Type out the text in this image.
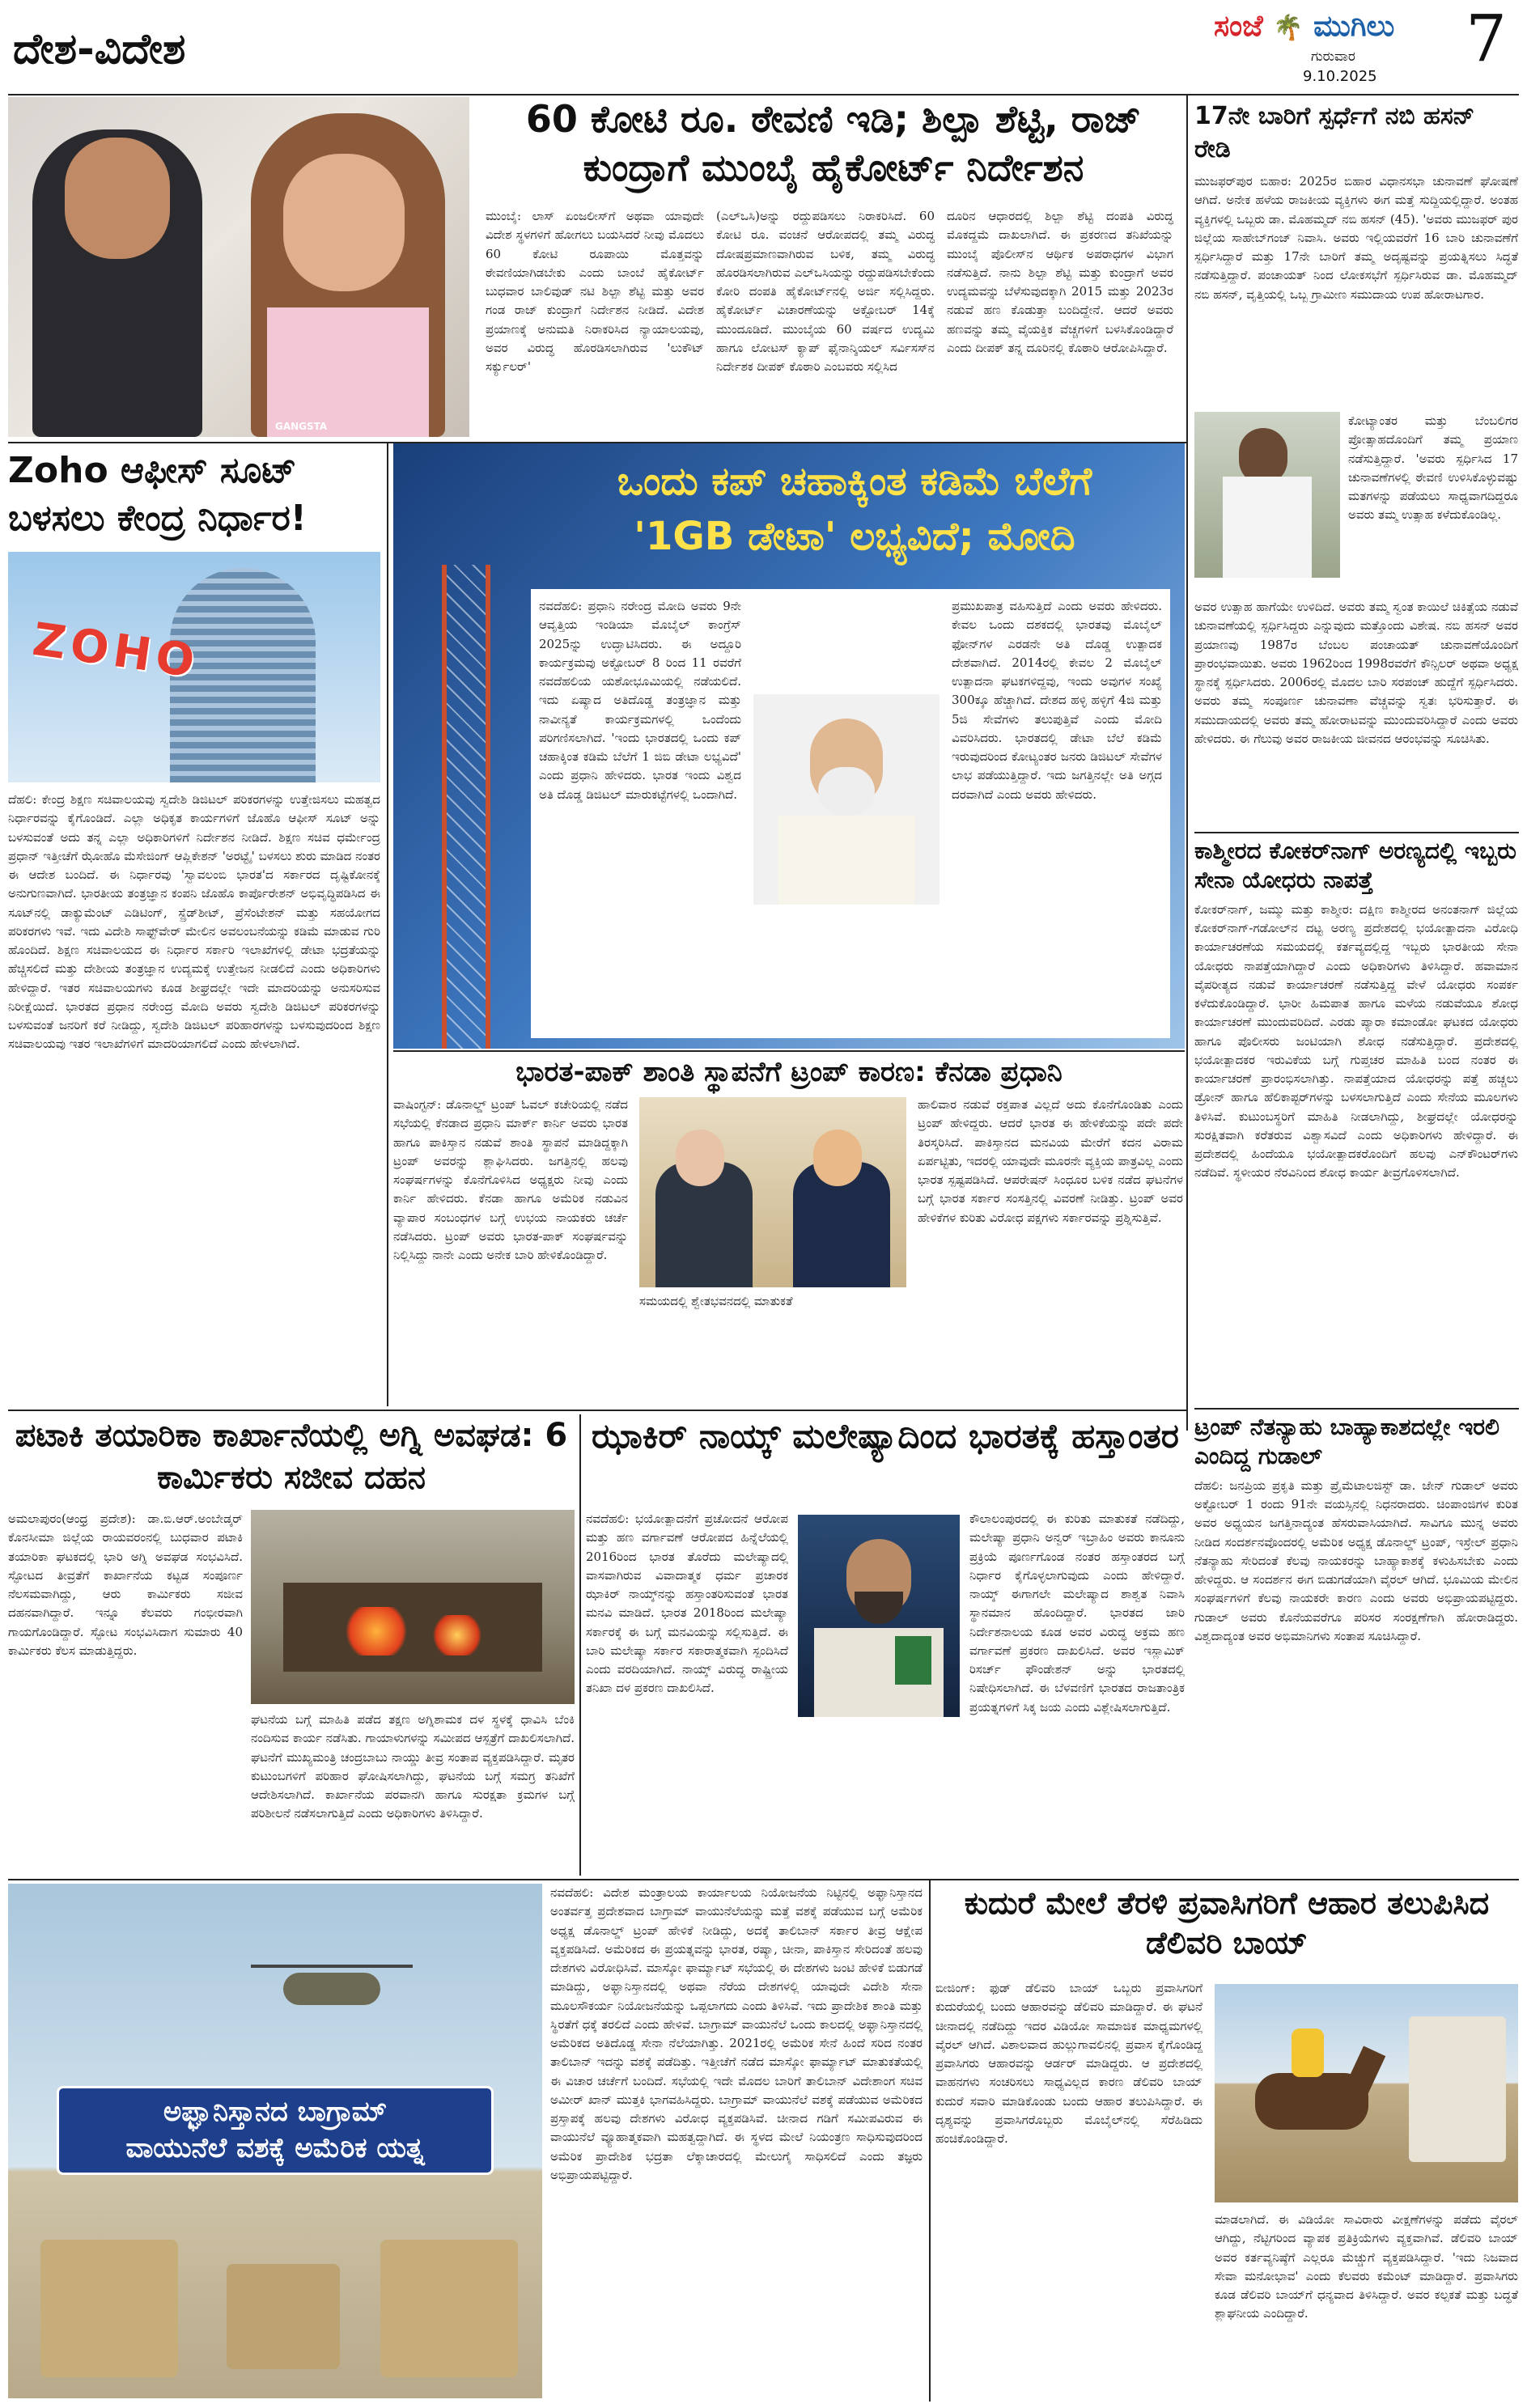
ದೇಶ-ವಿದೇಶ	ಸಂಜೆ 🌴 ಮುಗಿಲು
ಗುರುವಾರ
9.10.2025
7
GANGSTA
60 ಕೋಟಿ ರೂ. ಠೇವಣಿ ಇಡಿ; ಶಿಲ್ಪಾ ಶೆಟ್ಟಿ, ರಾಜ್ ಕುಂದ್ರಾಗೆ ಮುಂಬೈ ಹೈಕೋರ್ಟ್ ನಿರ್ದೇಶನ
ಮುಂಬೈ: ಲಾಸ್ ಏಂಜಲೀಸ್‌ಗೆ ಅಥವಾ ಯಾವುದೇ ವಿದೇಶ ಸ್ಥಳಗಳಿಗೆ ಹೋಗಲು ಬಯಸಿದರೆ ನೀವು ಮೊದಲು 60 ಕೋಟಿ ರೂಪಾಯಿ ಮೊತ್ತವನ್ನು ಠೇವಣಿಯಾಗಿಡಬೇಕು ಎಂದು ಬಾಂಬೆ ಹೈಕೋರ್ಟ್ ಬುಧವಾರ ಬಾಲಿವುಡ್ ನಟಿ ಶಿಲ್ಪಾ ಶೆಟ್ಟಿ ಮತ್ತು ಅವರ ಗಂಡ ರಾಜ್ ಕುಂದ್ರಾಗೆ ನಿರ್ದೇಶನ ನೀಡಿದೆ. ವಿದೇಶ ಪ್ರಯಾಣಕ್ಕೆ ಅನುಮತಿ ನಿರಾಕರಿಸಿದ ನ್ಯಾಯಾಲಯವು, ಅವರ ವಿರುದ್ಧ ಹೊರಡಿಸಲಾಗಿರುವ 'ಲುಕೌಟ್ ಸರ್ಕ್ಯುಲರ್'
(ಎಲ್‌ಒಸಿ)ಅನ್ನು ರದ್ದುಪಡಿಸಲು ನಿರಾಕರಿಸಿದೆ. 60 ಕೋಟಿ ರೂ. ವಂಚನೆ ಆರೋಪದಲ್ಲಿ ತಮ್ಮ ವಿರುದ್ಧ ದೋಷಪ್ರಮಾಣವಾಗಿರುವ ಬಳಿಕ, ತಮ್ಮ ವಿರುದ್ಧ ಹೊರಡಿಸಲಾಗಿರುವ ಎಲ್‌ಒಸಿಯನ್ನು ರದ್ದುಪಡಿಸಬೇಕೆಂದು ಕೋರಿ ದಂಪತಿ ಹೈಕೋರ್ಟ್‌ನಲ್ಲಿ ಅರ್ಜಿ ಸಲ್ಲಿಸಿದ್ದರು. ಹೈಕೋರ್ಟ್ ವಿಚಾರಣೆಯನ್ನು ಅಕ್ಟೋಬರ್ 14ಕ್ಕೆ ಮುಂದೂಡಿದೆ. ಮುಂಬೈಯ 60 ವರ್ಷದ ಉದ್ಯಮಿ ಹಾಗೂ ಲೋಟಸ್ ಕ್ಯಾಪ್ ಫೈನಾನ್ಶಿಯಲ್ ಸರ್ವಿಸಸ್‌ನ ನಿರ್ದೇಶಕ ದೀಪಕ್ ಕೊಠಾರಿ ಎಂಬವರು ಸಲ್ಲಿಸಿದ
ದೂರಿನ ಆಧಾರದಲ್ಲಿ ಶಿಲ್ಪಾ ಶೆಟ್ಟಿ ದಂಪತಿ ವಿರುದ್ಧ ಮೊಕದ್ದಮೆ ದಾಖಲಾಗಿದೆ. ಈ ಪ್ರಕರಣದ ತನಿಖೆಯನ್ನು ಮುಂಬೈ ಪೊಲೀಸ್‌ನ ಆರ್ಥಿಕ ಅಪರಾಧಗಳ ವಿಭಾಗ ನಡೆಸುತ್ತಿದೆ. ನಾನು ಶಿಲ್ಪಾ ಶೆಟ್ಟಿ ಮತ್ತು ಕುಂದ್ರಾಗೆ ಅವರ ಉದ್ಯಮವನ್ನು ಬೆಳೆಸುವುದಕ್ಕಾಗಿ 2015 ಮತ್ತು 2023ರ ನಡುವೆ ಹಣ ಕೊಡುತ್ತಾ ಬಂದಿದ್ದೇನೆ. ಆದರೆ ಅವರು ಹಣವನ್ನು ತಮ್ಮ ವೈಯಕ್ತಿಕ ವೆಚ್ಚಗಳಿಗೆ ಬಳಸಿಕೊಂಡಿದ್ದಾರೆ ಎಂದು ದೀಪಕ್ ತನ್ನ ದೂರಿನಲ್ಲಿ ಕೊಠಾರಿ ಆರೋಪಿಸಿದ್ದಾರೆ.
17ನೇ ಬಾರಿಗೆ ಸ್ಪರ್ಧೆಗೆ ನಬಿ ಹಸನ್ ರೇಡಿ
ಮುಜಫರ್‌ಪುರ ಬಿಹಾರ: 2025ರ ಬಿಹಾರ ವಿಧಾನಸಭಾ ಚುನಾವಣೆ ಘೋಷಣೆ ಆಗಿದೆ. ಅನೇಕ ಹಳೆಯ ರಾಜಕೀಯ ವ್ಯಕ್ತಿಗಳು ಈಗ ಮತ್ತೆ ಸುದ್ದಿಯಲ್ಲಿದ್ದಾರೆ. ಅಂತಹ ವ್ಯಕ್ತಿಗಳಲ್ಲಿ ಒಬ್ಬರು ಡಾ. ಮೊಹಮ್ಮದ್ ನಬಿ ಹಸನ್ (45). 'ಅವರು ಮುಜಫರ್ ಪುರ ಜಿಲ್ಲೆಯ ಸಾಹೇಬ್‌ಗಂಜ್ ನಿವಾಸಿ. ಅವರು ಇಲ್ಲಿಯವರೆಗೆ 16 ಬಾರಿ ಚುನಾವಣೆಗೆ ಸ್ಪರ್ಧಿಸಿದ್ದಾರೆ ಮತ್ತು 17ನೇ ಬಾರಿಗೆ ತಮ್ಮ ಅದೃಷ್ಟವನ್ನು ಪ್ರಯತ್ನಿಸಲು ಸಿದ್ಧತೆ ನಡೆಸುತ್ತಿದ್ದಾರೆ. ಪಂಚಾಯತ್ ನಿಂದ ಲೋಕಸಭೆಗೆ ಸ್ಪರ್ಧಿಸಿರುವ ಡಾ. ಮೊಹಮ್ಮದ್ ನಬಿ ಹಸನ್, ವೃತ್ತಿಯಲ್ಲಿ ಒಬ್ಬ ಗ್ರಾಮೀಣ ಸಮುದಾಯ ಉಪ ಹೋರಾಟಗಾರ.
ಕೋಟ್ಯಾಂತರ ಮತ್ತು ಬೆಂಬಲಿಗರ ಪ್ರೋತ್ಸಾಹದೊಂದಿಗೆ ತಮ್ಮ ಪ್ರಯಾಣ ನಡೆಸುತ್ತಿದ್ದಾರೆ. 'ಅವರು ಸ್ಪರ್ಧಿಸಿದ 17 ಚುನಾವಣೆಗಳಲ್ಲಿ ಠೇವಣಿ ಉಳಿಸಿಕೊಳ್ಳುವಷ್ಟು ಮತಗಳನ್ನು ಪಡೆಯಲು ಸಾಧ್ಯವಾಗದಿದ್ದರೂ ಅವರು ತಮ್ಮ ಉತ್ಸಾಹ ಕಳೆದುಕೊಂಡಿಲ್ಲ.
ಅವರ ಉತ್ಸಾಹ ಹಾಗೆಯೇ ಉಳಿದಿದೆ. ಅವರು ತಮ್ಮ ಸ್ವಂತ ಕಾಯಿಲೆ ಚಿಕಿತ್ಸೆಯ ನಡುವೆ ಚುನಾವಣೆಯಲ್ಲಿ ಸ್ಪರ್ಧಿಸಿದ್ದರು ಎನ್ನುವುದು ಮತ್ತೊಂದು ವಿಶೇಷ. ನಬಿ ಹಸನ್ ಅವರ ಪ್ರಯಾಣವು 1987ರ ಬೆಂಬಲ ಪಂಚಾಯತ್ ಚುನಾವಣೆಯೊಂದಿಗೆ ಪ್ರಾರಂಭವಾಯಿತು. ಅವರು 1962ರಿಂದ 1998ರವರೆಗೆ ಕೌನ್ಸಿಲರ್ ಅಥವಾ ಅಧ್ಯಕ್ಷ ಸ್ಥಾನಕ್ಕೆ ಸ್ಪರ್ಧಿಸಿದರು. 2006ರಲ್ಲಿ ಮೊದಲ ಬಾರಿ ಸರಪಂಚ್ ಹುದ್ದೆಗೆ ಸ್ಪರ್ಧಿಸಿದರು. ಅವರು ತಮ್ಮ ಸಂಪೂರ್ಣ ಚುನಾವಣಾ ವೆಚ್ಚವನ್ನು ಸ್ವತಃ ಭರಿಸುತ್ತಾರೆ. ಈ ಸಮುದಾಯದಲ್ಲಿ ಅವರು ತಮ್ಮ ಹೋರಾಟವನ್ನು ಮುಂದುವರಿಸಿದ್ದಾರೆ ಎಂದು ಅವರು ಹೇಳಿದರು. ಈ ಗೆಲುವು ಅವರ ರಾಜಕೀಯ ಜೀವನದ ಆರಂಭವನ್ನು ಸೂಚಿಸಿತು.
Zoho ಆಫೀಸ್ ಸೂಟ್ ಬಳಸಲು ಕೇಂದ್ರ ನಿರ್ಧಾರ!
ZOHO
ದೆಹಲಿ: ಕೇಂದ್ರ ಶಿಕ್ಷಣ ಸಚಿವಾಲಯವು ಸ್ವದೇಶಿ ಡಿಜಿಟಲ್ ಪರಿಕರಗಳನ್ನು ಉತ್ತೇಜಿಸಲು ಮಹತ್ವದ ನಿರ್ಧಾರವನ್ನು ಕೈಗೊಂಡಿದೆ. ಎಲ್ಲಾ ಅಧಿಕೃತ ಕಾರ್ಯಗಳಿಗೆ ಜೊಹೊ ಆಫೀಸ್ ಸೂಟ್ ಅನ್ನು ಬಳಸುವಂತೆ ಅದು ತನ್ನ ಎಲ್ಲಾ ಅಧಿಕಾರಿಗಳಿಗೆ ನಿರ್ದೇಶನ ನೀಡಿದೆ. ಶಿಕ್ಷಣ ಸಚಿವ ಧರ್ಮೇಂದ್ರ ಪ್ರಧಾನ್ ಇತ್ತೀಚೆಗೆ ಝೋಹೊ ಮೆಸೇಜಿಂಗ್ ಆಪ್ಲಿಕೇಶನ್ 'ಅರಟ್ಟೈ' ಬಳಸಲು ಶುರು ಮಾಡಿದ ನಂತರ ಈ ಆದೇಶ ಬಂದಿದೆ. ಈ ನಿರ್ಧಾರವು 'ಸ್ವಾವಲಂಬಿ ಭಾರತ'ದ ಸರ್ಕಾರದ ದೃಷ್ಟಿಕೋನಕ್ಕೆ ಅನುಗುಣವಾಗಿದೆ. ಭಾರತೀಯ ತಂತ್ರಜ್ಞಾನ ಕಂಪನಿ ಜೊಹೊ ಕಾರ್ಪೊರೇಶನ್ ಅಭಿವೃದ್ಧಿಪಡಿಸಿದ ಈ ಸೂಟ್‌ನಲ್ಲಿ ಡಾಕ್ಯುಮೆಂಟ್ ಎಡಿಟಿಂಗ್, ಸ್ಪ್ರೆಡ್‌ಶೀಟ್, ಪ್ರೆಸೆಂಟೇಶನ್ ಮತ್ತು ಸಹಯೋಗದ ಪರಿಕರಗಳು ಇವೆ. ಇದು ವಿದೇಶಿ ಸಾಫ್ಟ್‌ವೇರ್ ಮೇಲಿನ ಅವಲಂಬನೆಯನ್ನು ಕಡಿಮೆ ಮಾಡುವ ಗುರಿ ಹೊಂದಿದೆ. ಶಿಕ್ಷಣ ಸಚಿವಾಲಯದ ಈ ನಿರ್ಧಾರ ಸರ್ಕಾರಿ ಇಲಾಖೆಗಳಲ್ಲಿ ಡೇಟಾ ಭದ್ರತೆಯನ್ನು ಹೆಚ್ಚಿಸಲಿದೆ ಮತ್ತು ದೇಶೀಯ ತಂತ್ರಜ್ಞಾನ ಉದ್ಯಮಕ್ಕೆ ಉತ್ತೇಜನ ನೀಡಲಿದೆ ಎಂದು ಅಧಿಕಾರಿಗಳು ಹೇಳಿದ್ದಾರೆ. ಇತರ ಸಚಿವಾಲಯಗಳು ಕೂಡ ಶೀಘ್ರದಲ್ಲೇ ಇದೇ ಮಾದರಿಯನ್ನು ಅನುಸರಿಸುವ ನಿರೀಕ್ಷೆಯಿದೆ. ಭಾರತದ ಪ್ರಧಾನ ನರೇಂದ್ರ ಮೋದಿ ಅವರು ಸ್ವದೇಶಿ ಡಿಜಿಟಲ್ ಪರಿಕರಗಳನ್ನು ಬಳಸುವಂತೆ ಜನರಿಗೆ ಕರೆ ನೀಡಿದ್ದು, ಸ್ವದೇಶಿ ಡಿಜಿಟಲ್ ಪರಿಹಾರಗಳನ್ನು ಬಳಸುವುದರಿಂದ ಶಿಕ್ಷಣ ಸಚಿವಾಲಯವು ಇತರ ಇಲಾಖೆಗಳಿಗೆ ಮಾದರಿಯಾಗಲಿದೆ ಎಂದು ಹೇಳಲಾಗಿದೆ.
ಒಂದು ಕಪ್ ಚಹಾಕ್ಕಿಂತ ಕಡಿಮೆ ಬೆಲೆಗೆ
'1GB ಡೇಟಾ' ಲಭ್ಯವಿದೆ; ಮೋದಿ
ನವದೆಹಲಿ: ಪ್ರಧಾನಿ ನರೇಂದ್ರ ಮೋದಿ ಅವರು 9ನೇ ಆವೃತ್ತಿಯ ಇಂಡಿಯಾ ಮೊಬೈಲ್ ಕಾಂಗ್ರೆಸ್ 2025ನ್ನು ಉದ್ಘಾಟಿಸಿದರು. ಈ ಅದ್ದೂರಿ ಕಾರ್ಯಕ್ರಮವು ಅಕ್ಟೋಬರ್ 8 ರಿಂದ 11 ರವರೆಗೆ ನವದೆಹಲಿಯ ಯಶೋಭೂಮಿಯಲ್ಲಿ ನಡೆಯಲಿದೆ. ಇದು ಏಷ್ಯಾದ ಅತಿದೊಡ್ಡ ತಂತ್ರಜ್ಞಾನ ಮತ್ತು ನಾವೀನ್ಯತೆ ಕಾರ್ಯಕ್ರಮಗಳಲ್ಲಿ ಒಂದೆಂದು ಪರಿಗಣಿಸಲಾಗಿದೆ. 'ಇಂದು ಭಾರತದಲ್ಲಿ ಒಂದು ಕಪ್ ಚಹಾಕ್ಕಿಂತ ಕಡಿಮೆ ಬೆಲೆಗೆ 1 ಜಿಬಿ ಡೇಟಾ ಲಭ್ಯವಿದೆ' ಎಂದು ಪ್ರಧಾನಿ ಹೇಳಿದರು. ಭಾರತ ಇಂದು ವಿಶ್ವದ ಅತಿ ದೊಡ್ಡ ಡಿಜಿಟಲ್ ಮಾರುಕಟ್ಟೆಗಳಲ್ಲಿ ಒಂದಾಗಿದೆ.
ಪ್ರಮುಖಪಾತ್ರ ವಹಿಸುತ್ತಿದೆ ಎಂದು ಅವರು ಹೇಳಿದರು. ಕೇವಲ ಒಂದು ದಶಕದಲ್ಲಿ ಭಾರತವು ಮೊಬೈಲ್ ಫೋನ್‌ಗಳ ಎರಡನೇ ಅತಿ ದೊಡ್ಡ ಉತ್ಪಾದಕ ದೇಶವಾಗಿದೆ. 2014ರಲ್ಲಿ ಕೇವಲ 2 ಮೊಬೈಲ್ ಉತ್ಪಾದನಾ ಘಟಕಗಳಿದ್ದವು, ಇಂದು ಅವುಗಳ ಸಂಖ್ಯೆ 300ಕ್ಕೂ ಹೆಚ್ಚಾಗಿದೆ. ದೇಶದ ಹಳ್ಳಿ ಹಳ್ಳಿಗೆ 4ಜಿ ಮತ್ತು 5ಜಿ ಸೇವೆಗಳು ತಲುಪುತ್ತಿವೆ ಎಂದು ಮೋದಿ ವಿವರಿಸಿದರು. ಭಾರತದಲ್ಲಿ ಡೇಟಾ ಬೆಲೆ ಕಡಿಮೆ ಇರುವುದರಿಂದ ಕೋಟ್ಯಂತರ ಜನರು ಡಿಜಿಟಲ್ ಸೇವೆಗಳ ಲಾಭ ಪಡೆಯುತ್ತಿದ್ದಾರೆ. ಇದು ಜಗತ್ತಿನಲ್ಲೇ ಅತಿ ಅಗ್ಗದ ದರವಾಗಿದೆ ಎಂದು ಅವರು ಹೇಳಿದರು.
ಭಾರತ-ಪಾಕ್ ಶಾಂತಿ ಸ್ಥಾಪನೆಗೆ ಟ್ರಂಪ್ ಕಾರಣ: ಕೆನಡಾ ಪ್ರಧಾನಿ
ವಾಷಿಂಗ್ಟನ್: ಡೊನಾಲ್ಡ್ ಟ್ರಂಪ್ ಓವಲ್ ಕಚೇರಿಯಲ್ಲಿ ನಡೆದ ಸಭೆಯಲ್ಲಿ ಕೆನಡಾದ ಪ್ರಧಾನಿ ಮಾರ್ಕ್ ಕಾರ್ನಿ ಅವರು ಭಾರತ ಹಾಗೂ ಪಾಕಿಸ್ತಾನ ನಡುವೆ ಶಾಂತಿ ಸ್ಥಾಪನೆ ಮಾಡಿದ್ದಕ್ಕಾಗಿ ಟ್ರಂಪ್ ಅವರನ್ನು ಶ್ಲಾಘಿಸಿದರು. ಜಗತ್ತಿನಲ್ಲಿ ಹಲವು ಸಂಘರ್ಷಗಳನ್ನು ಕೊನೆಗೊಳಿಸಿದ ಅಧ್ಯಕ್ಷರು ನೀವು ಎಂದು ಕಾರ್ನಿ ಹೇಳಿದರು. ಕೆನಡಾ ಹಾಗೂ ಅಮೆರಿಕ ನಡುವಿನ ವ್ಯಾಪಾರ ಸಂಬಂಧಗಳ ಬಗ್ಗೆ ಉಭಯ ನಾಯಕರು ಚರ್ಚೆ ನಡೆಸಿದರು. ಟ್ರಂಪ್ ಅವರು ಭಾರತ-ಪಾಕ್ ಸಂಘರ್ಷವನ್ನು ನಿಲ್ಲಿಸಿದ್ದು ನಾನೇ ಎಂದು ಅನೇಕ ಬಾರಿ ಹೇಳಿಕೊಂಡಿದ್ದಾರೆ.
ಸಮಯದಲ್ಲಿ ಶ್ವೇತಭವನದಲ್ಲಿ ಮಾತುಕತೆ
ಹಾಲಿವಾರ ನಡುವೆ ರಕ್ತಪಾತ ವಿಲ್ಲದೆ ಅದು ಕೊನೆಗೊಂಡಿತು ಎಂದು ಟ್ರಂಪ್ ಹೇಳಿದ್ದರು. ಆದರೆ ಭಾರತ ಈ ಹೇಳಿಕೆಯನ್ನು ಪದೇ ಪದೇ ತಿರಸ್ಕರಿಸಿದೆ. ಪಾಕಿಸ್ತಾನದ ಮನವಿಯ ಮೇರೆಗೆ ಕದನ ವಿರಾಮ ಏರ್ಪಟ್ಟಿತು, ಇದರಲ್ಲಿ ಯಾವುದೇ ಮೂರನೇ ವ್ಯಕ್ತಿಯ ಪಾತ್ರವಿಲ್ಲ ಎಂದು ಭಾರತ ಸ್ಪಷ್ಟಪಡಿಸಿದೆ. ಆಪರೇಷನ್ ಸಿಂಧೂರ ಬಳಿಕ ನಡೆದ ಘಟನೆಗಳ ಬಗ್ಗೆ ಭಾರತ ಸರ್ಕಾರ ಸಂಸತ್ತಿನಲ್ಲಿ ವಿವರಣೆ ನೀಡಿತ್ತು. ಟ್ರಂಪ್ ಅವರ ಹೇಳಿಕೆಗಳ ಕುರಿತು ವಿರೋಧ ಪಕ್ಷಗಳು ಸರ್ಕಾರವನ್ನು ಪ್ರಶ್ನಿಸುತ್ತಿವೆ.
ಕಾಶ್ಮೀರದ ಕೋಕರ್‌ನಾಗ್ ಅರಣ್ಯದಲ್ಲಿ ಇಬ್ಬರು ಸೇನಾ ಯೋಧರು ನಾಪತ್ತೆ
ಕೋಕರ್‌ನಾಗ್, ಜಮ್ಮು ಮತ್ತು ಕಾಶ್ಮೀರ: ದಕ್ಷಿಣ ಕಾಶ್ಮೀರದ ಅನಂತನಾಗ್ ಜಿಲ್ಲೆಯ ಕೋಕರ್‌ನಾಗ್-ಗಡೋಲ್‌ನ ದಟ್ಟ ಅರಣ್ಯ ಪ್ರದೇಶದಲ್ಲಿ ಭಯೋತ್ಪಾದನಾ ವಿರೋಧಿ ಕಾರ್ಯಾಚರಣೆಯ ಸಮಯದಲ್ಲಿ ಕರ್ತವ್ಯದಲ್ಲಿದ್ದ ಇಬ್ಬರು ಭಾರತೀಯ ಸೇನಾ ಯೋಧರು ನಾಪತ್ತೆಯಾಗಿದ್ದಾರೆ ಎಂದು ಅಧಿಕಾರಿಗಳು ತಿಳಿಸಿದ್ದಾರೆ. ಹವಾಮಾನ ವೈಪರೀತ್ಯದ ನಡುವೆ ಕಾರ್ಯಾಚರಣೆ ನಡೆಸುತ್ತಿದ್ದ ವೇಳೆ ಯೋಧರು ಸಂಪರ್ಕ ಕಳೆದುಕೊಂಡಿದ್ದಾರೆ. ಭಾರೀ ಹಿಮಪಾತ ಹಾಗೂ ಮಳೆಯ ನಡುವೆಯೂ ಶೋಧ ಕಾರ್ಯಾಚರಣೆ ಮುಂದುವರಿದಿದೆ. ಎರಡು ಪ್ಯಾರಾ ಕಮಾಂಡೋ ಘಟಕದ ಯೋಧರು ಹಾಗೂ ಪೊಲೀಸರು ಜಂಟಿಯಾಗಿ ಶೋಧ ನಡೆಸುತ್ತಿದ್ದಾರೆ. ಪ್ರದೇಶದಲ್ಲಿ ಭಯೋತ್ಪಾದಕರ ಇರುವಿಕೆಯ ಬಗ್ಗೆ ಗುಪ್ತಚರ ಮಾಹಿತಿ ಬಂದ ನಂತರ ಈ ಕಾರ್ಯಾಚರಣೆ ಪ್ರಾರಂಭಿಸಲಾಗಿತ್ತು. ನಾಪತ್ತೆಯಾದ ಯೋಧರನ್ನು ಪತ್ತೆ ಹಚ್ಚಲು ಡ್ರೋನ್ ಹಾಗೂ ಹೆಲಿಕಾಪ್ಟರ್‌ಗಳನ್ನು ಬಳಸಲಾಗುತ್ತಿದೆ ಎಂದು ಸೇನೆಯ ಮೂಲಗಳು ತಿಳಿಸಿವೆ. ಕುಟುಂಬಸ್ಥರಿಗೆ ಮಾಹಿತಿ ನೀಡಲಾಗಿದ್ದು, ಶೀಘ್ರದಲ್ಲೇ ಯೋಧರನ್ನು ಸುರಕ್ಷಿತವಾಗಿ ಕರೆತರುವ ವಿಶ್ವಾಸವಿದೆ ಎಂದು ಅಧಿಕಾರಿಗಳು ಹೇಳಿದ್ದಾರೆ. ಈ ಪ್ರದೇಶದಲ್ಲಿ ಹಿಂದೆಯೂ ಭಯೋತ್ಪಾದಕರೊಂದಿಗೆ ಹಲವು ಎನ್‌ಕೌಂಟರ್‌ಗಳು ನಡೆದಿವೆ. ಸ್ಥಳೀಯರ ನೆರವಿನಿಂದ ಶೋಧ ಕಾರ್ಯ ತೀವ್ರಗೊಳಿಸಲಾಗಿದೆ.
ಟ್ರಂಪ್ ನೆತನ್ಯಾಹು ಬಾಹ್ಯಾಕಾಶದಲ್ಲೇ ಇರಲಿ ಎಂದಿದ್ದ ಗುಡಾಲ್
ದೆಹಲಿ: ಜನಪ್ರಿಯ ಪ್ರಕೃತಿ ಮತ್ತು ಪ್ರೈಮೆಟಾಲಜಿಸ್ಟ್ ಡಾ. ಜೇನ್ ಗುಡಾಲ್ ಅವರು ಅಕ್ಟೋಬರ್ 1 ರಂದು 91ನೇ ವಯಸ್ಸಿನಲ್ಲಿ ನಿಧನರಾದರು. ಚಿಂಪಾಂಜಿಗಳ ಕುರಿತ ಅವರ ಅಧ್ಯಯನ ಜಗತ್ತಿನಾದ್ಯಂತ ಹೆಸರುವಾಸಿಯಾಗಿದೆ. ಸಾವಿಗೂ ಮುನ್ನ ಅವರು ನೀಡಿದ ಸಂದರ್ಶನವೊಂದರಲ್ಲಿ ಅಮೆರಿಕ ಅಧ್ಯಕ್ಷ ಡೊನಾಲ್ಡ್ ಟ್ರಂಪ್, ಇಸ್ರೇಲ್ ಪ್ರಧಾನಿ ನೆತನ್ಯಾಹು ಸೇರಿದಂತೆ ಕೆಲವು ನಾಯಕರನ್ನು ಬಾಹ್ಯಾಕಾಶಕ್ಕೆ ಕಳುಹಿಸಬೇಕು ಎಂದು ಹೇಳಿದ್ದರು. ಆ ಸಂದರ್ಶನ ಈಗ ಬಿಡುಗಡೆಯಾಗಿ ವೈರಲ್ ಆಗಿದೆ. ಭೂಮಿಯ ಮೇಲಿನ ಸಂಘರ್ಷಗಳಿಗೆ ಕೆಲವು ನಾಯಕರೇ ಕಾರಣ ಎಂದು ಅವರು ಅಭಿಪ್ರಾಯಪಟ್ಟಿದ್ದರು. ಗುಡಾಲ್ ಅವರು ಕೊನೆಯವರೆಗೂ ಪರಿಸರ ಸಂರಕ್ಷಣೆಗಾಗಿ ಹೋರಾಡಿದ್ದರು. ವಿಶ್ವದಾದ್ಯಂತ ಅವರ ಅಭಿಮಾನಿಗಳು ಸಂತಾಪ ಸೂಚಿಸಿದ್ದಾರೆ.
ಪಟಾಕಿ ತಯಾರಿಕಾ ಕಾರ್ಖಾನೆಯಲ್ಲಿ ಅಗ್ನಿ ಅವಘಡ: 6 ಕಾರ್ಮಿಕರು ಸಜೀವ ದಹನ
ಅಮಲಾಪುರಂ(ಆಂಧ್ರ ಪ್ರದೇಶ): ಡಾ.ಬಿ.ಆರ್.ಅಂಬೇಡ್ಕರ್ ಕೊನಸೀಮಾ ಜಿಲ್ಲೆಯ ರಾಯವರಂನಲ್ಲಿ ಬುಧವಾರ ಪಟಾಕಿ ತಯಾರಿಕಾ ಘಟಕದಲ್ಲಿ ಭಾರಿ ಅಗ್ನಿ ಅವಘಡ ಸಂಭವಿಸಿದೆ. ಸ್ಫೋಟದ ತೀವ್ರತೆಗೆ ಕಾರ್ಖಾನೆಯ ಕಟ್ಟಡ ಸಂಪೂರ್ಣ ನೆಲಸಮವಾಗಿದ್ದು, ಆರು ಕಾರ್ಮಿಕರು ಸಜೀವ ದಹನವಾಗಿದ್ದಾರೆ. ಇನ್ನೂ ಕೆಲವರು ಗಂಭೀರವಾಗಿ ಗಾಯಗೊಂಡಿದ್ದಾರೆ. ಸ್ಫೋಟ ಸಂಭವಿಸಿದಾಗ ಸುಮಾರು 40 ಕಾರ್ಮಿಕರು ಕೆಲಸ ಮಾಡುತ್ತಿದ್ದರು.
ಘಟನೆಯ ಬಗ್ಗೆ ಮಾಹಿತಿ ಪಡೆದ ತಕ್ಷಣ ಅಗ್ನಿಶಾಮಕ ದಳ ಸ್ಥಳಕ್ಕೆ ಧಾವಿಸಿ ಬೆಂಕಿ ನಂದಿಸುವ ಕಾರ್ಯ ನಡೆಸಿತು. ಗಾಯಾಳುಗಳನ್ನು ಸಮೀಪದ ಆಸ್ಪತ್ರೆಗೆ ದಾಖಲಿಸಲಾಗಿದೆ. ಘಟನೆಗೆ ಮುಖ್ಯಮಂತ್ರಿ ಚಂದ್ರಬಾಬು ನಾಯ್ಡು ತೀವ್ರ ಸಂತಾಪ ವ್ಯಕ್ತಪಡಿಸಿದ್ದಾರೆ. ಮೃತರ ಕುಟುಂಬಗಳಿಗೆ ಪರಿಹಾರ ಘೋಷಿಸಲಾಗಿದ್ದು, ಘಟನೆಯ ಬಗ್ಗೆ ಸಮಗ್ರ ತನಿಖೆಗೆ ಆದೇಶಿಸಲಾಗಿದೆ. ಕಾರ್ಖಾನೆಯ ಪರವಾನಗಿ ಹಾಗೂ ಸುರಕ್ಷತಾ ಕ್ರಮಗಳ ಬಗ್ಗೆ ಪರಿಶೀಲನೆ ನಡೆಸಲಾಗುತ್ತಿದೆ ಎಂದು ಅಧಿಕಾರಿಗಳು ತಿಳಿಸಿದ್ದಾರೆ.
ಝಾಕಿರ್ ನಾಯ್ಕ್ ಮಲೇಷ್ಯಾದಿಂದ ಭಾರತಕ್ಕೆ ಹಸ್ತಾಂತರ
ನವದೆಹಲಿ: ಭಯೋತ್ಪಾದನೆಗೆ ಪ್ರಚೋದನೆ ಆರೋಪ ಮತ್ತು ಹಣ ವರ್ಗಾವಣೆ ಆರೋಪದ ಹಿನ್ನೆಲೆಯಲ್ಲಿ 2016ರಿಂದ ಭಾರತ ತೊರೆದು ಮಲೇಷ್ಯಾದಲ್ಲಿ ವಾಸವಾಗಿರುವ ವಿವಾದಾತ್ಮಕ ಧರ್ಮ ಪ್ರಚಾರಕ ಝಾಕಿರ್ ನಾಯ್ಕ್‌ನನ್ನು ಹಸ್ತಾಂತರಿಸುವಂತೆ ಭಾರತ ಮನವಿ ಮಾಡಿದೆ. ಭಾರತ 2018ರಿಂದ ಮಲೇಷ್ಯಾ ಸರ್ಕಾರಕ್ಕೆ ಈ ಬಗ್ಗೆ ಮನವಿಯನ್ನು ಸಲ್ಲಿಸುತ್ತಿದೆ. ಈ ಬಾರಿ ಮಲೇಷ್ಯಾ ಸರ್ಕಾರ ಸಕಾರಾತ್ಮಕವಾಗಿ ಸ್ಪಂದಿಸಿದೆ ಎಂದು ವರದಿಯಾಗಿದೆ. ನಾಯ್ಕ್ ವಿರುದ್ಧ ರಾಷ್ಟ್ರೀಯ ತನಿಖಾ ದಳ ಪ್ರಕರಣ ದಾಖಲಿಸಿದೆ.
ಕೌಲಾಲಂಪುರದಲ್ಲಿ ಈ ಕುರಿತು ಮಾತುಕತೆ ನಡೆದಿದ್ದು, ಮಲೇಷ್ಯಾ ಪ್ರಧಾನಿ ಅನ್ವರ್ ಇಬ್ರಾಹಿಂ ಅವರು ಕಾನೂನು ಪ್ರಕ್ರಿಯೆ ಪೂರ್ಣಗೊಂಡ ನಂತರ ಹಸ್ತಾಂತರದ ಬಗ್ಗೆ ನಿರ್ಧಾರ ಕೈಗೊಳ್ಳಲಾಗುವುದು ಎಂದು ಹೇಳಿದ್ದಾರೆ. ನಾಯ್ಕ್ ಈಗಾಗಲೇ ಮಲೇಷ್ಯಾದ ಶಾಶ್ವತ ನಿವಾಸಿ ಸ್ಥಾನಮಾನ ಹೊಂದಿದ್ದಾರೆ. ಭಾರತದ ಜಾರಿ ನಿರ್ದೇಶನಾಲಯ ಕೂಡ ಅವರ ವಿರುದ್ಧ ಅಕ್ರಮ ಹಣ ವರ್ಗಾವಣೆ ಪ್ರಕರಣ ದಾಖಲಿಸಿದೆ. ಅವರ ಇಸ್ಲಾಮಿಕ್ ರಿಸರ್ಚ್ ಫೌಂಡೇಶನ್ ಅನ್ನು ಭಾರತದಲ್ಲಿ ನಿಷೇಧಿಸಲಾಗಿದೆ. ಈ ಬೆಳವಣಿಗೆ ಭಾರತದ ರಾಜತಾಂತ್ರಿಕ ಪ್ರಯತ್ನಗಳಿಗೆ ಸಿಕ್ಕ ಜಯ ಎಂದು ವಿಶ್ಲೇಷಿಸಲಾಗುತ್ತಿದೆ.
ಅಫ್ಘಾನಿಸ್ತಾನದ ಬಾಗ್ರಾಮ್
ವಾಯುನೆಲೆ ವಶಕ್ಕೆ ಅಮೆರಿಕ ಯತ್ನ
ನವದೆಹಲಿ: ವಿದೇಶ ಮಂತ್ರಾಲಯ ಕಾರ್ಯಾಲಯ ನಿಯೋಜನೆಯ ನಿಟ್ಟಿನಲ್ಲಿ ಅಫ್ಘಾನಿಸ್ತಾನದ ಅಂತರ್ವತ್ತ ಪ್ರದೇಶವಾದ ಬಾಗ್ರಾಮ್ ವಾಯುನೆಲೆಯನ್ನು ಮತ್ತೆ ವಶಕ್ಕೆ ಪಡೆಯುವ ಬಗ್ಗೆ ಅಮೆರಿಕ ಅಧ್ಯಕ್ಷ ಡೊನಾಲ್ಡ್ ಟ್ರಂಪ್ ಹೇಳಿಕೆ ನೀಡಿದ್ದು, ಅದಕ್ಕೆ ತಾಲಿಬಾನ್ ಸರ್ಕಾರ ತೀವ್ರ ಆಕ್ಷೇಪ ವ್ಯಕ್ತಪಡಿಸಿದೆ. ಅಮೆರಿಕದ ಈ ಪ್ರಯತ್ನವನ್ನು ಭಾರತ, ರಷ್ಯಾ, ಚೀನಾ, ಪಾಕಿಸ್ತಾನ ಸೇರಿದಂತೆ ಹಲವು ದೇಶಗಳು ವಿರೋಧಿಸಿವೆ. ಮಾಸ್ಕೋ ಫಾರ್ಮ್ಯಾಟ್ ಸಭೆಯಲ್ಲಿ ಈ ದೇಶಗಳು ಜಂಟಿ ಹೇಳಿಕೆ ಬಿಡುಗಡೆ ಮಾಡಿದ್ದು, ಅಫ್ಘಾನಿಸ್ತಾನದಲ್ಲಿ ಅಥವಾ ನೆರೆಯ ದೇಶಗಳಲ್ಲಿ ಯಾವುದೇ ವಿದೇಶಿ ಸೇನಾ ಮೂಲಸೌಕರ್ಯ ನಿಯೋಜನೆಯನ್ನು ಒಪ್ಪಲಾಗದು ಎಂದು ತಿಳಿಸಿವೆ. ಇದು ಪ್ರಾದೇಶಿಕ ಶಾಂತಿ ಮತ್ತು ಸ್ಥಿರತೆಗೆ ಧಕ್ಕೆ ತರಲಿದೆ ಎಂದು ಹೇಳಿವೆ. ಬಾಗ್ರಾಮ್ ವಾಯುನೆಲೆ ಒಂದು ಕಾಲದಲ್ಲಿ ಅಫ್ಘಾನಿಸ್ತಾನದಲ್ಲಿ ಅಮೆರಿಕದ ಅತಿದೊಡ್ಡ ಸೇನಾ ನೆಲೆಯಾಗಿತ್ತು. 2021ರಲ್ಲಿ ಅಮೆರಿಕ ಸೇನೆ ಹಿಂದೆ ಸರಿದ ನಂತರ ತಾಲಿಬಾನ್ ಇದನ್ನು ವಶಕ್ಕೆ ಪಡೆದಿತ್ತು. ಇತ್ತೀಚೆಗೆ ನಡೆದ ಮಾಸ್ಕೋ ಫಾರ್ಮ್ಯಾಟ್ ಮಾತುಕತೆಯಲ್ಲಿ ಈ ವಿಚಾರ ಚರ್ಚೆಗೆ ಬಂದಿದೆ. ಸಭೆಯಲ್ಲಿ ಇದೇ ಮೊದಲ ಬಾರಿಗೆ ತಾಲಿಬಾನ್ ವಿದೇಶಾಂಗ ಸಚಿವ ಅಮೀರ್ ಖಾನ್ ಮುತ್ತಕಿ ಭಾಗವಹಿಸಿದ್ದರು. ಬಾಗ್ರಾಮ್ ವಾಯುನೆಲೆ ವಶಕ್ಕೆ ಪಡೆಯುವ ಅಮೆರಿಕದ ಪ್ರಸ್ತಾಪಕ್ಕೆ ಹಲವು ದೇಶಗಳು ವಿರೋಧ ವ್ಯಕ್ತಪಡಿಸಿವೆ. ಚೀನಾದ ಗಡಿಗೆ ಸಮೀಪವಿರುವ ಈ ವಾಯುನೆಲೆ ವ್ಯೂಹಾತ್ಮಕವಾಗಿ ಮಹತ್ವದ್ದಾಗಿದೆ. ಈ ಸ್ಥಳದ ಮೇಲೆ ನಿಯಂತ್ರಣ ಸಾಧಿಸುವುದರಿಂದ ಅಮೆರಿಕ ಪ್ರಾದೇಶಿಕ ಭದ್ರತಾ ಲೆಕ್ಕಾಚಾರದಲ್ಲಿ ಮೇಲುಗೈ ಸಾಧಿಸಲಿದೆ ಎಂದು ತಜ್ಞರು ಅಭಿಪ್ರಾಯಪಟ್ಟಿದ್ದಾರೆ.
ಕುದುರೆ ಮೇಲೆ ತೆರಳಿ ಪ್ರವಾಸಿಗರಿಗೆ ಆಹಾರ ತಲುಪಿಸಿದ ಡೆಲಿವರಿ ಬಾಯ್
ಬೀಜಿಂಗ್: ಫುಡ್ ಡೆಲಿವರಿ ಬಾಯ್ ಒಬ್ಬರು ಪ್ರವಾಸಿಗರಿಗೆ ಕುದುರೆಯಲ್ಲಿ ಬಂದು ಆಹಾರವನ್ನು ಡೆಲಿವರಿ ಮಾಡಿದ್ದಾರೆ. ಈ ಘಟನೆ ಚೀನಾದಲ್ಲಿ ನಡೆದಿದ್ದು ಇದರ ವಿಡಿಯೋ ಸಾಮಾಜಿಕ ಮಾಧ್ಯಮಗಳಲ್ಲಿ ವೈರಲ್ ಆಗಿದೆ. ವಿಶಾಲವಾದ ಹುಲ್ಲುಗಾವಲಿನಲ್ಲಿ ಪ್ರವಾಸ ಕೈಗೊಂಡಿದ್ದ ಪ್ರವಾಸಿಗರು ಆಹಾರವನ್ನು ಆರ್ಡರ್ ಮಾಡಿದ್ದರು. ಆ ಪ್ರದೇಶದಲ್ಲಿ ವಾಹನಗಳು ಸಂಚರಿಸಲು ಸಾಧ್ಯವಿಲ್ಲದ ಕಾರಣ ಡೆಲಿವರಿ ಬಾಯ್ ಕುದುರೆ ಸವಾರಿ ಮಾಡಿಕೊಂಡು ಬಂದು ಆಹಾರ ತಲುಪಿಸಿದ್ದಾರೆ. ಈ ದೃಶ್ಯವನ್ನು ಪ್ರವಾಸಿಗರೊಬ್ಬರು ಮೊಬೈಲ್‌ನಲ್ಲಿ ಸೆರೆಹಿಡಿದು ಹಂಚಿಕೊಂಡಿದ್ದಾರೆ.
ಮಾಡಲಾಗಿದೆ. ಈ ವಿಡಿಯೋ ಸಾವಿರಾರು ವೀಕ್ಷಣೆಗಳನ್ನು ಪಡೆದು ವೈರಲ್ ಆಗಿದ್ದು, ನೆಟ್ಟಿಗರಿಂದ ವ್ಯಾಪಕ ಪ್ರತಿಕ್ರಿಯೆಗಳು ವ್ಯಕ್ತವಾಗಿವೆ. ಡೆಲಿವರಿ ಬಾಯ್ ಅವರ ಕರ್ತವ್ಯನಿಷ್ಠೆಗೆ ಎಲ್ಲರೂ ಮೆಚ್ಚುಗೆ ವ್ಯಕ್ತಪಡಿಸಿದ್ದಾರೆ. 'ಇದು ನಿಜವಾದ ಸೇವಾ ಮನೋಭಾವ' ಎಂದು ಕೆಲವರು ಕಮೆಂಟ್ ಮಾಡಿದ್ದಾರೆ. ಪ್ರವಾಸಿಗರು ಕೂಡ ಡೆಲಿವರಿ ಬಾಯ್‌ಗೆ ಧನ್ಯವಾದ ತಿಳಿಸಿದ್ದಾರೆ. ಅವರ ಕಲ್ಪಕತೆ ಮತ್ತು ಬದ್ಧತೆ ಶ್ಲಾಘನೀಯ ಎಂದಿದ್ದಾರೆ.
